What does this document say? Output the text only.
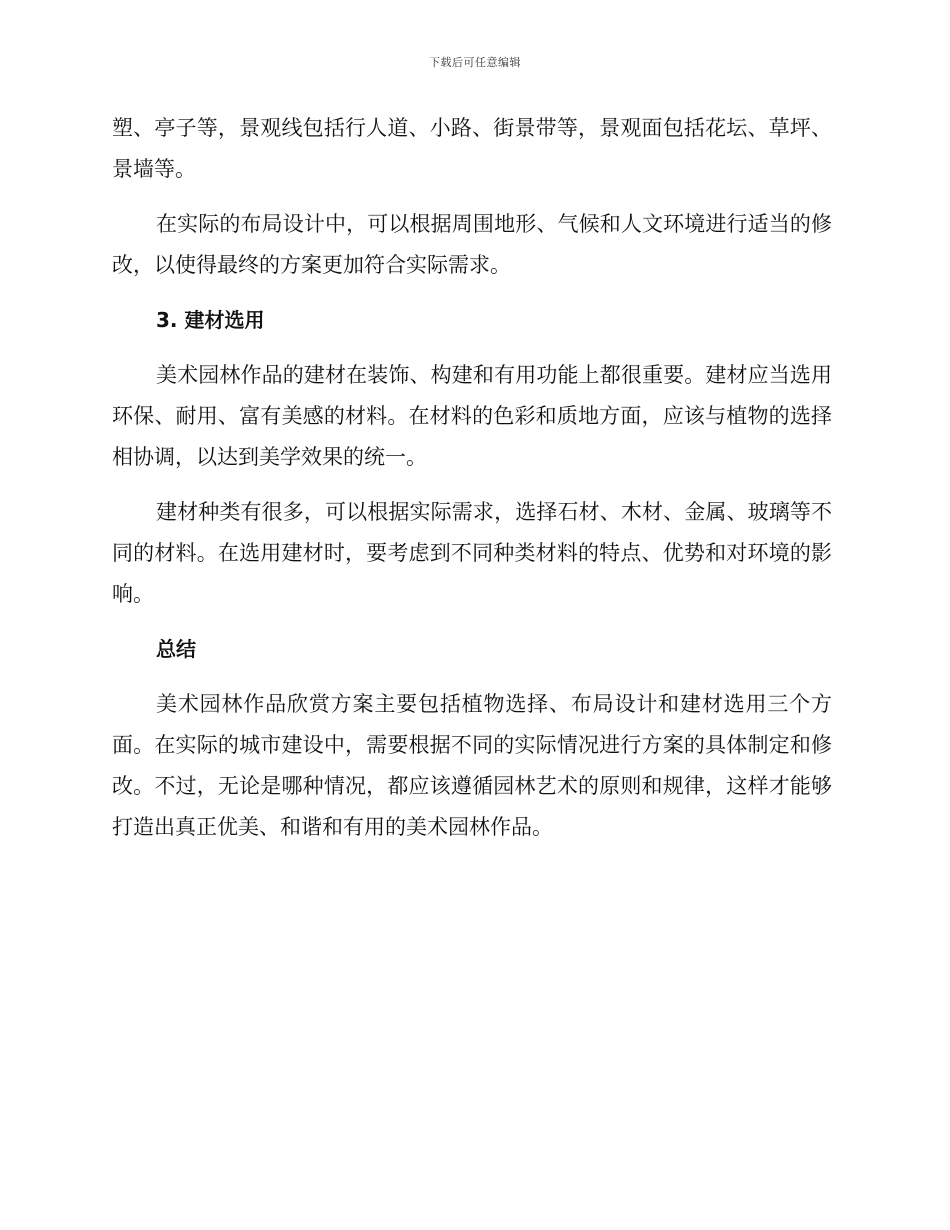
下载后可任意编辑

塑、亭子等，景观线包括行人道、小路、街景带等，景观面包括花坛、草坪、景墙等。

在实际的布局设计中，可以根据周围地形、气候和人文环境进行适当的修改，以使得最终的方案更加符合实际需求。

3. 建材选用

美术园林作品的建材在装饰、构建和有用功能上都很重要。建材应当选用环保、耐用、富有美感的材料。在材料的色彩和质地方面，应该与植物的选择相协调，以达到美学效果的统一。

建材种类有很多，可以根据实际需求，选择石材、木材、金属、玻璃等不同的材料。在选用建材时，要考虑到不同种类材料的特点、优势和对环境的影响。

总结

美术园林作品欣赏方案主要包括植物选择、布局设计和建材选用三个方面。在实际的城市建设中，需要根据不同的实际情况进行方案的具体制定和修改。不过，无论是哪种情况，都应该遵循园林艺术的原则和规律，这样才能够打造出真正优美、和谐和有用的美术园林作品。
